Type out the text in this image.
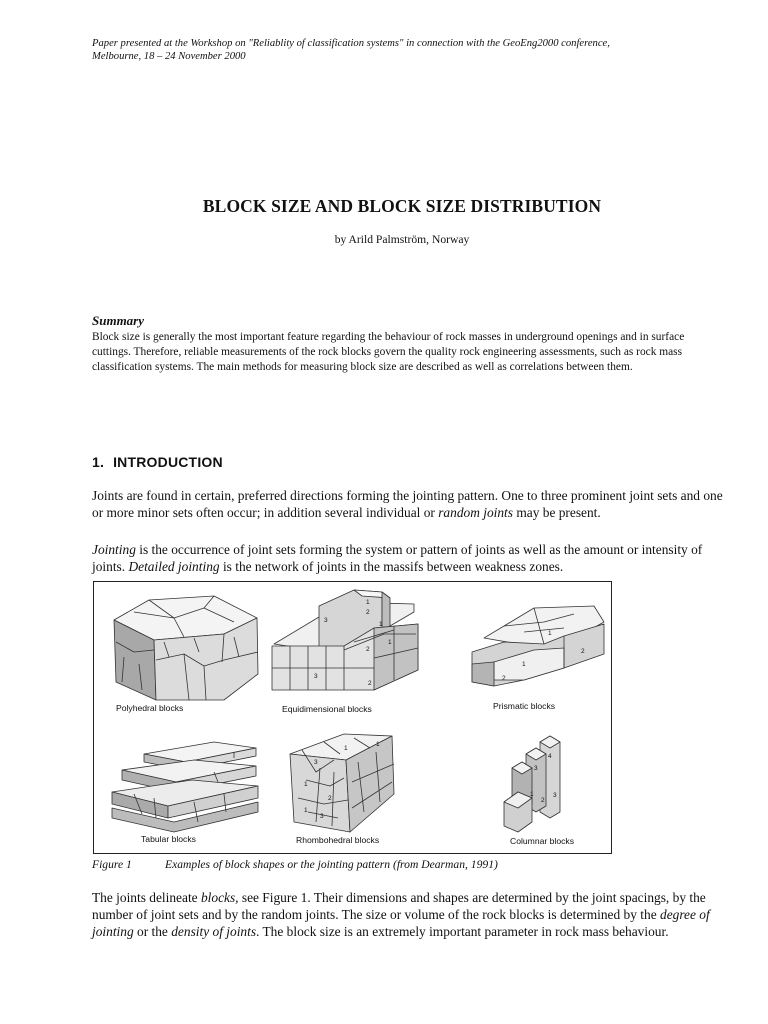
Paper presented at the Workshop on "Reliablity of classification systems" in connection with the GeoEng2000 conference,
Melbourne, 18 – 24 November 2000
BLOCK SIZE AND BLOCK SIZE DISTRIBUTION
by Arild Palmström, Norway
Summary
Block size is generally the most important feature regarding the behaviour of rock masses in underground openings and in surface cuttings. Therefore, reliable measurements of the rock blocks govern the quality rock engineering assessments, such as rock mass classification systems. The main methods for measuring block size are described as well as correlations between them.
1. INTRODUCTION
Joints are found in certain, preferred directions forming the jointing pattern. One to three prominent joint sets and one or more minor sets often occur; in addition several individual or random joints may be present.
Jointing is the occurrence of joint sets forming the system or pattern of joints as well as the amount or intensity of joints. Detailed jointing is the network of joints in the massifs between weakness zones.
1
2
3
1
1
2
3
2
1
2
1
2
1
1
3
1
2
1
3
4
3
1
2
3
Polyhedral blocks	Equidimensional blocks	Prismatic blocks
Tabular blocks	Rhombohedral blocks	Columnar blocks
Figure 1	Examples of block shapes or the jointing pattern (from Dearman, 1991)
The joints delineate blocks, see Figure 1. Their dimensions and shapes are determined by the joint spacings, by the number of joint sets and by the random joints. The size or volume of the rock blocks is determined by the degree of jointing or the density of joints. The block size is an extremely important parameter in rock mass behaviour.
